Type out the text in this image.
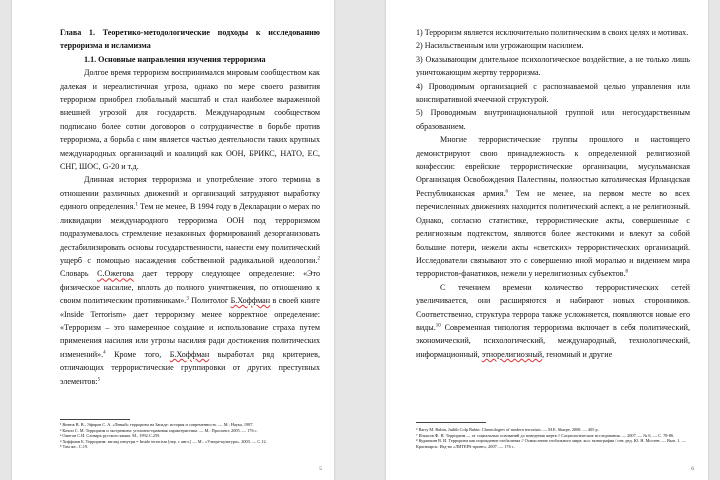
Глава 1. Теоретико-методологические подходы к исследованию терроризма и исламизма

1.1. Основные направления изучения терроризма

Долгое время терроризм воспринимался мировым сообществом как далекая и нереалистичная угроза, однако по мере своего развития терроризм приобрел глобальный масштаб и стал наиболее выраженной внешней угрозой для государств. Международным сообществом подписано более сотни договоров о сотрудничестве в борьбе против терроризма, а борьба с ним является частью деятельности таких крупных международных организаций и коалиций как ООН, БРИКС, НАТО, ЕС, СНГ, ШОС, G-20 и т.д.

Длинная история терроризма и употребление этого термина в отношении различных движений и организаций затрудняют выработку единого определения.$^1$ Тем не менее, В 1994 году в Декларации о мерах по ликвидации международного терроризма ООН под терроризмом подразумевалось стремление незаконных формирований дезорганизовать дестабилизировать основы государственности, нанести ему политический ущерб с помощью насаждения собственной радикальной идеологии.$^2$ Словарь С.Ожегова дает террору следующее определение: «Это физическое насилие, вплоть до полного уничтожения, по отношению к своим политическим противникам».$^3$ Политолог Б.Хоффман в своей книге «Inside Terrorism» дает терроризму менее корректное определение: «Терроризм – это намеренное создание и использование страха путем применения насилия или угрозы насилия ради достижения политических изменений».$^4$ Кроме того, Б.Хоффман выработал ряд критериев, отличающих террористические группировки от других преступных элементов:$^5$

¹ Витюк В. В., Эфиров С. А. «Левый» терроризм на Западе: история и современность. — М.: Наука, 1987.
² Кочои С. М. Терроризм и экстремизм: уголовно-правовая характеристика. — М.: Проспект, 2005. — 176 с.
³ Ожегов С.И. Словарь русского языка. М., 1992.С.259.
⁴ Хоффман Б. Терроризм: взгляд изнутри = Inside terrorism [пер. с англ.] — М.: «Ультра-культура». 2003. — С.12.
⁵ Там же., С.19.
5

1) Терроризм является исключительно политическим в своих целях и мотивах.

2) Насильственным или угрожающим насилием.

3) Оказывающим длительное психологическое воздействие, а не только лишь уничтожающим жертву терроризма.

4) Проводимым организацией с распознаваемой целью управления или конспиративной ячеечной структурой.

5) Проводимым внутринациональной группой или негосударственным образованием.

Многие террористические группы прошлого и настоящего демонстрируют свою принадлежность к определенной религиозной конфессии: еврейские террористические организации, мусульманская Организация Освобождения Палестины, полностью католическая Ирландская Республиканская армия.$^6$ Тем не менее, на первом месте во всех перечисленных движениях находится политический аспект, а не религиозный. Однако, согласно статистике, террористические акты, совершенные с религиозным подтекстом, являются более жестокими и влекут за собой большие потери, нежели акты «светских» террористических организаций. Исследователи связывают это с совершенно иной моралью и видением мира террористов-фанатиков, нежели у нерелигиозных субъектов.$^8$

С течением времени количество террористических сетей увеличивается, они расширяются и набирают новых сторонников. Соответственно, структура террора также усложняется, появляются новые его виды.$^{10}$ Современная типология терроризма включает в себя политический, экономический, психологический, международный, технологический, информационный, этнорелигиозный, геномный и другие

⁶ Barry M. Rubin, Judith Colp Rubin. Chronologies of modern terrorism. — M.E. Sharpe, 2008. — 405 p.
⁷ Ильясов Ф. Н. Терроризм — от социальных оснований до поведения жертв // Социологические исследования. — 2007. — № 6. — С. 78-86.
⁸ Кудашкин В. И. Терроризм как порождение глобализма // Осмысление глобального мира: кол. монография / отв. ред. Ю. Н. Мосеев. — Вып. 1. — Красноярск: Изд-во «ЛИТЕРА-принт», 2007. — 176 с.
6
